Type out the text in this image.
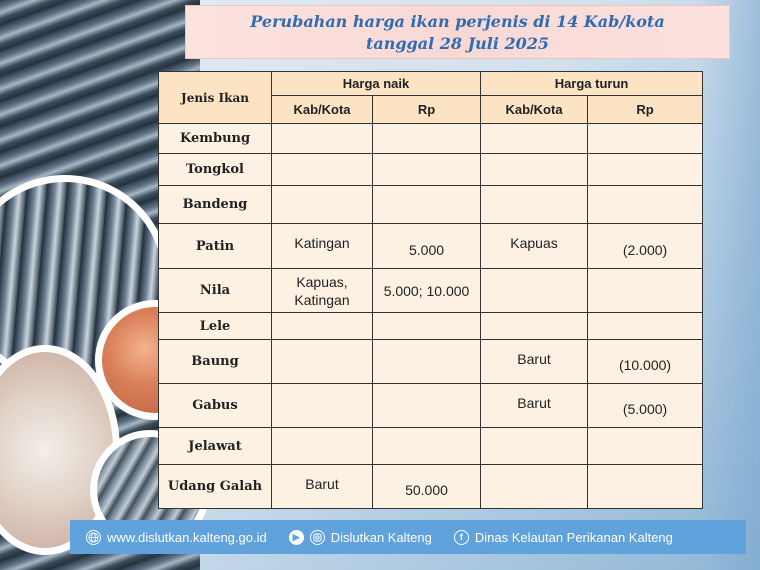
Perubahan harga ikan perjenis di 14 Kab/kota
tanggal 28 Juli 2025
Jenis Ikan	Harga naik		Harga turun	
	Kab/Kota	Rp	Kab/Kota	Rp
Kembung				
Tongkol				
Bandeng				
Patin	Katingan	5.000	Kapuas	(2.000)
Nila	Kapuas, Katingan	5.000; 10.000		
Lele				
Baung			Barut	(10.000)
Gabus			Barut	(5.000)
Jelawat				
Udang Galah	Barut	50.000		
www.dislutkan.kalteng.go.id	▶	Dislutkan Kalteng	f Dinas Kelautan Perikanan Kalteng
